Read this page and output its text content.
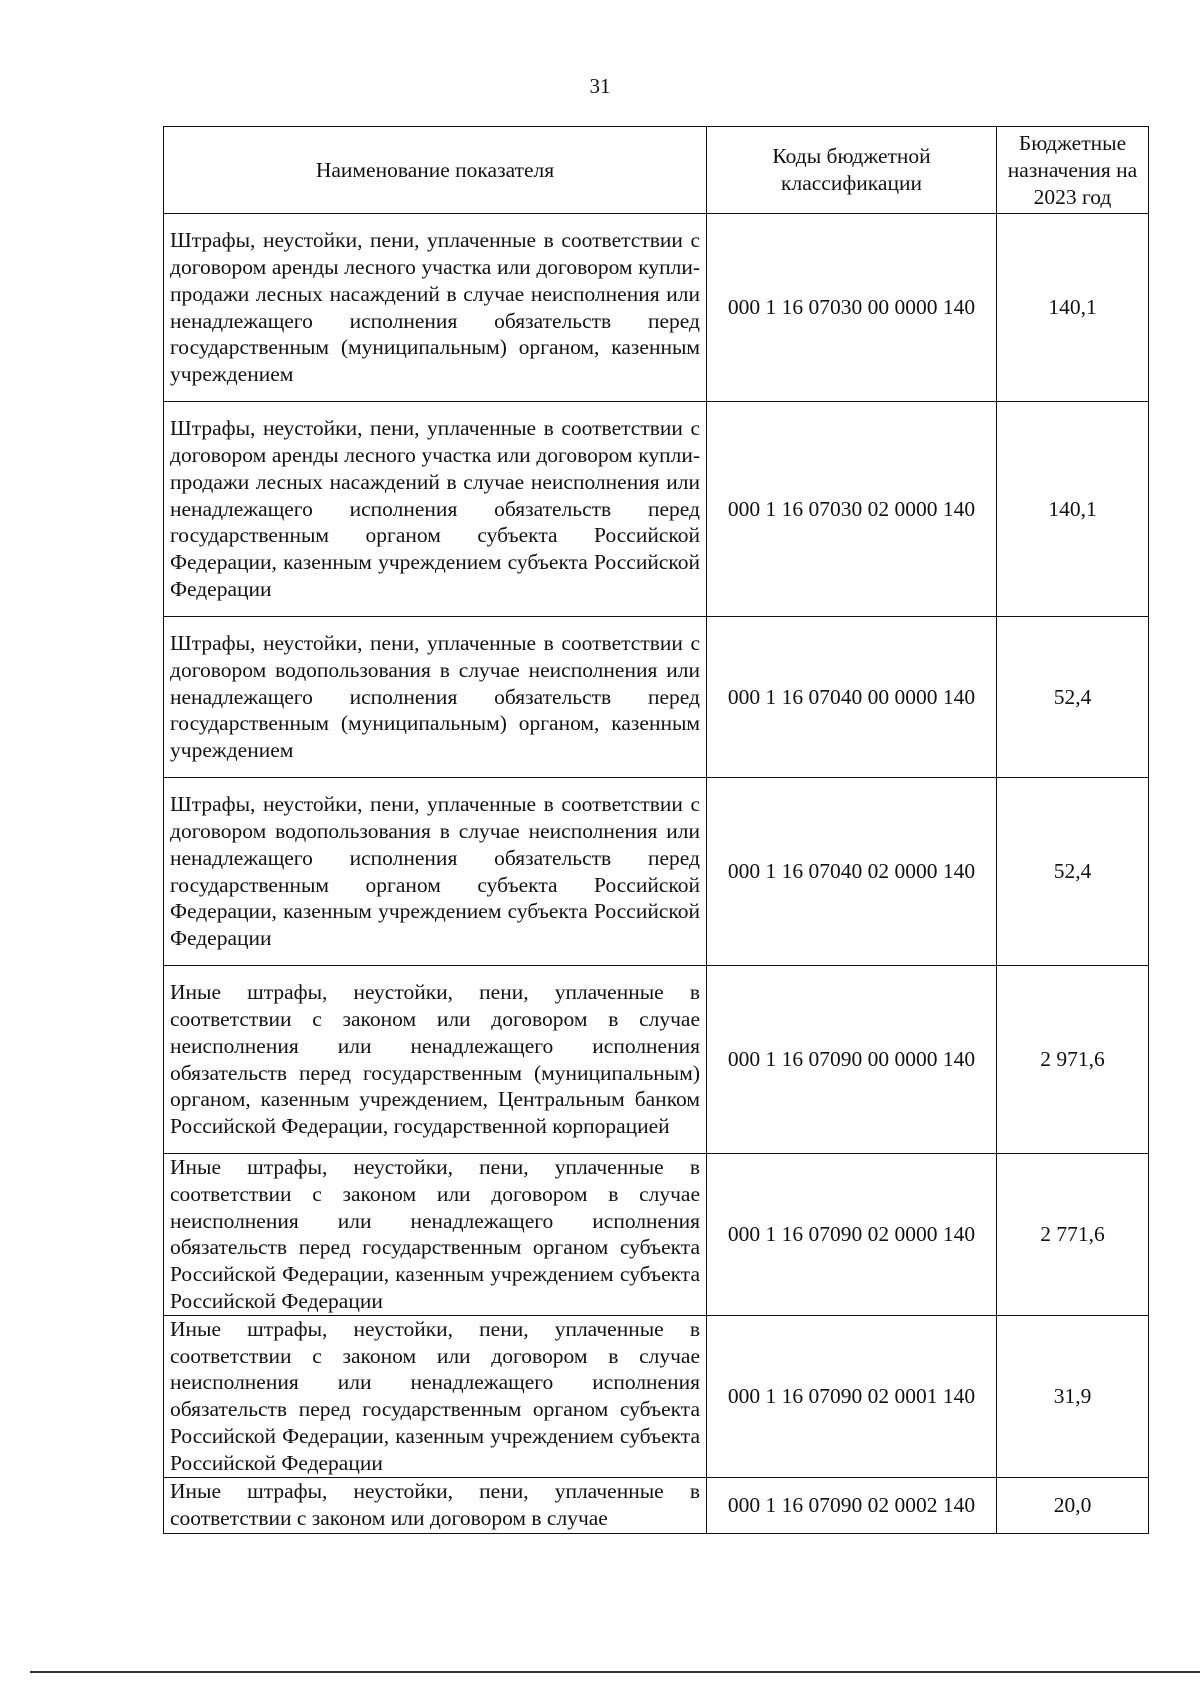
31
Наименование показателя	Коды бюджетной классификации	Бюджетные назначения на 2023 год
Штрафы, неустойки, пени, уплаченные в соответствии с договором аренды лесного участка или договором купли-продажи лесных насаждений в случае неисполнения или ненадлежащего исполнения обязательств перед государственным (муниципальным) органом, казенным учреждением	000 1 16 07030 00 0000 140	140,1
Штрафы, неустойки, пени, уплаченные в соответствии с договором аренды лесного участка или договором купли-продажи лесных насаждений в случае неисполнения или ненадлежащего исполнения обязательств перед государственным органом субъекта Российской Федерации, казенным учреждением субъекта Российской Федерации	000 1 16 07030 02 0000 140	140,1
Штрафы, неустойки, пени, уплаченные в соответствии с договором водопользования в случае неисполнения или ненадлежащего исполнения обязательств перед государственным (муниципальным) органом, казенным учреждением	000 1 16 07040 00 0000 140	52,4
Штрафы, неустойки, пени, уплаченные в соответствии с договором водопользования в случае неисполнения или ненадлежащего исполнения обязательств перед государственным органом субъекта Российской Федерации, казенным учреждением субъекта Российской Федерации	000 1 16 07040 02 0000 140	52,4
Иные штрафы, неустойки, пени, уплаченные в соответствии с законом или договором в случае неисполнения или ненадлежащего исполнения обязательств перед государственным (муниципальным) органом, казенным учреждением, Центральным банком Российской Федерации, государственной корпорацией	000 1 16 07090 00 0000 140	2 971,6
Иные штрафы, неустойки, пени, уплаченные в соответствии с законом или договором в случае неисполнения или ненадлежащего исполнения обязательств перед государственным органом субъекта Российской Федерации, казенным учреждением субъекта Российской Федерации	000 1 16 07090 02 0000 140	2 771,6
Иные штрафы, неустойки, пени, уплаченные в соответствии с законом или договором в случае неисполнения или ненадлежащего исполнения обязательств перед государственным органом субъекта Российской Федерации, казенным учреждением субъекта Российской Федерации	000 1 16 07090 02 0001 140	31,9
Иные штрафы, неустойки, пени, уплаченные в соответствии с законом или договором в случае	000 1 16 07090 02 0002 140	20,0
